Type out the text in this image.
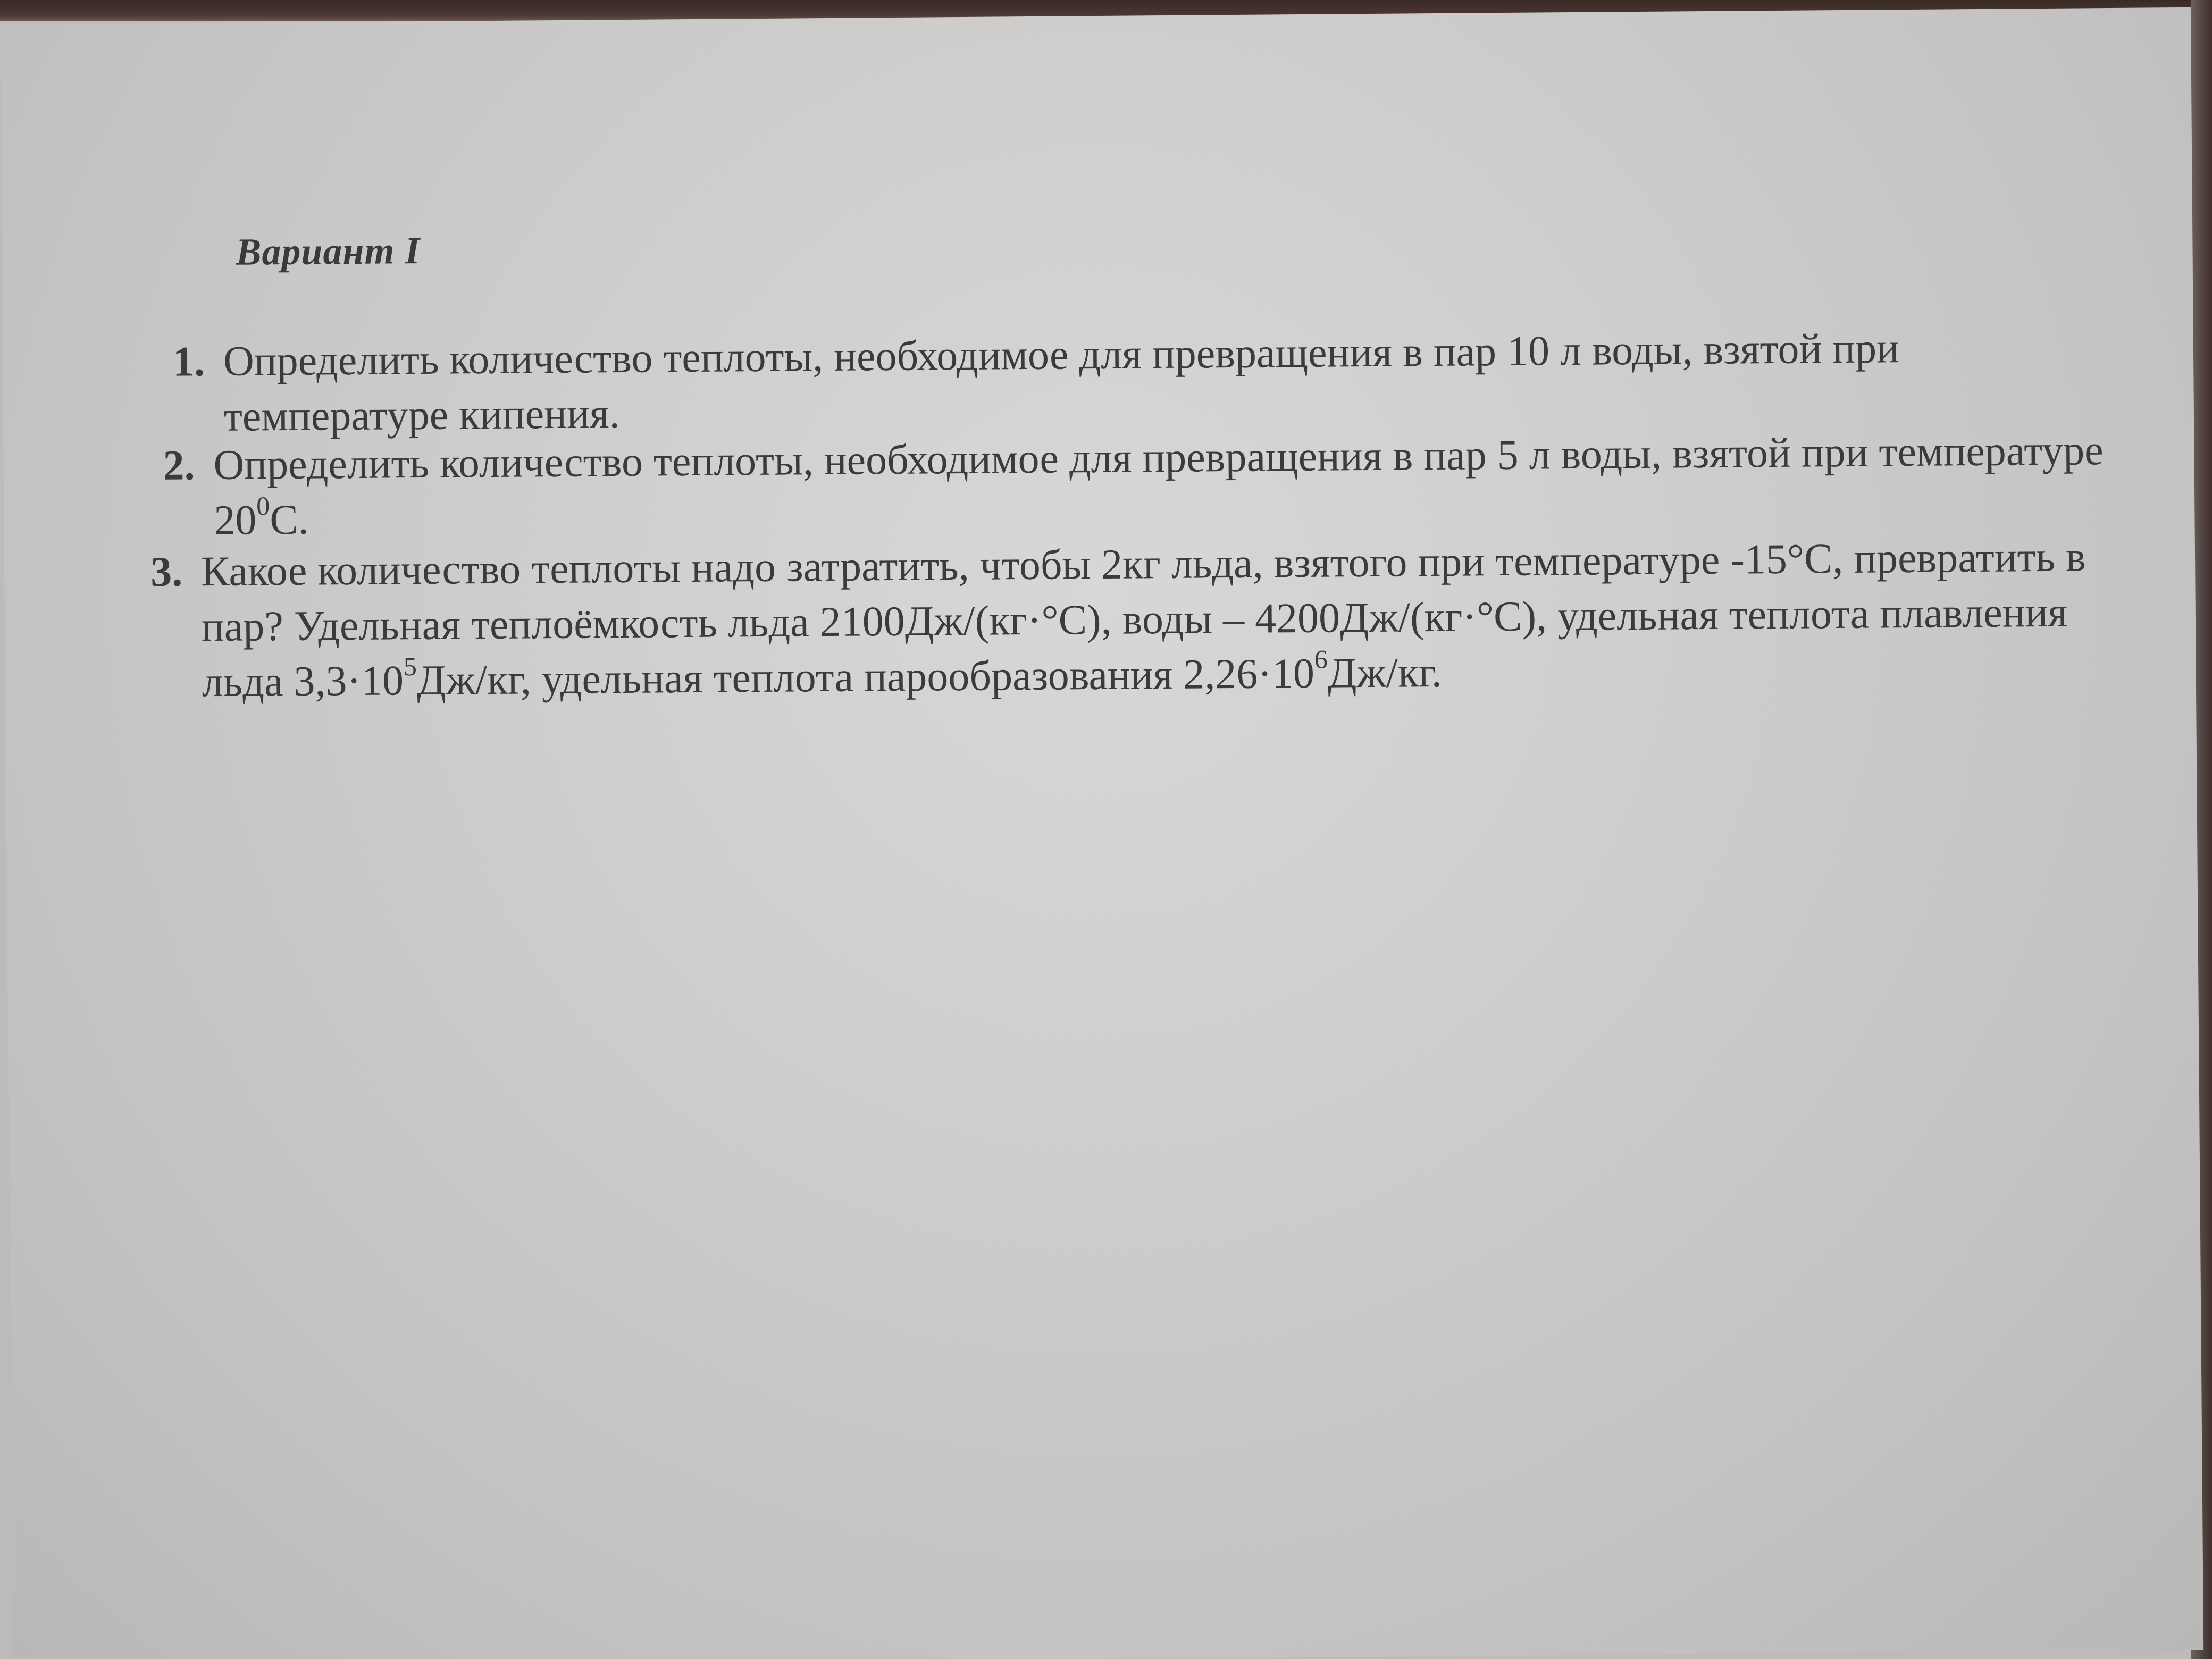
Вариант I
1. Определить количество теплоты, необходимое для превращения в пар 10 л воды, взятой при температуре кипения.
2. Определить количество теплоты, необходимое для превращения в пар 5 л воды, взятой при температуре $20^0С$.
3. Какое количество теплоты надо затратить, чтобы 2кг льда, взятого при температуре -15°С, превратить в пар? Удельная теплоёмкость льда 2100Дж/(кг·°С), воды – 4200Дж/(кг·°С), удельная теплота плавления льда $3,3\cdot 10^5Дж/кг$, удельная теплота парообразования $2,26\cdot 10^6Дж/кг$.
